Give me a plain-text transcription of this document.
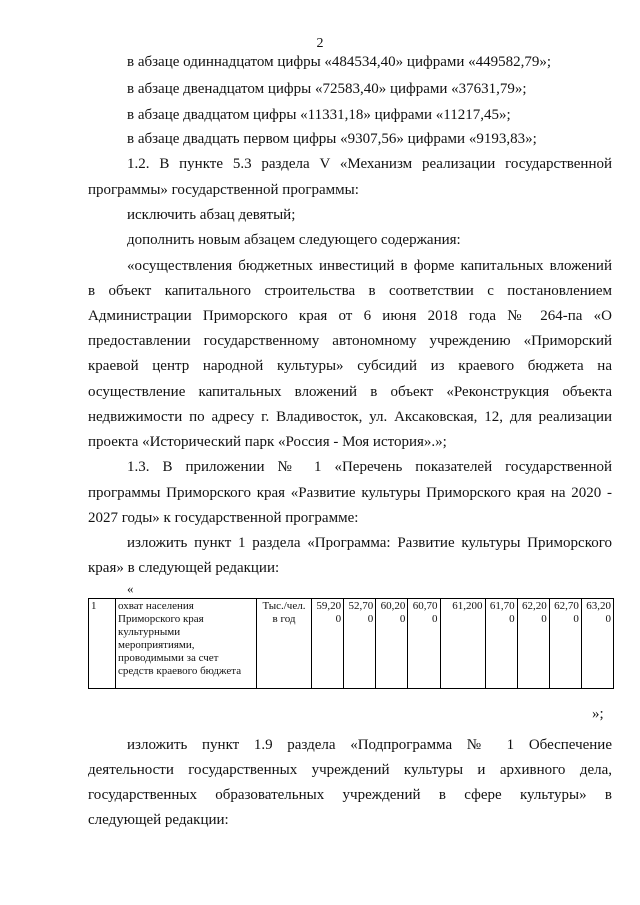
2
в абзаце одиннадцатом цифры «484534,40» цифрами «449582,79»;
в абзаце двенадцатом цифры «72583,40» цифрами «37631,79»;
в абзаце двадцатом цифры «11331,18» цифрами «11217,45»;
в абзаце двадцать первом цифры «9307,56» цифрами «9193,83»;
1.2. В пункте 5.3 раздела V «Механизм реализации государственной
программы» государственной программы:
исключить абзац девятый;
дополнить новым абзацем следующего содержания:
«осуществления бюджетных инвестиций в форме капитальных вложений
в объект капитального строительства в соответствии с постановлением
Администрации Приморского края от 6 июня 2018 года № 264-па «О
предоставлении государственному автономному учреждению «Приморский
краевой центр народной культуры» субсидий из краевого бюджета на
осуществление капитальных вложений в объект «Реконструкция объекта
недвижимости по адресу г. Владивосток, ул. Аксаковская, 12, для реализации
проекта «Исторический парк «Россия - Моя история».»;
1.3. В приложении № 1 «Перечень показателей государственной
программы Приморского края «Развитие культуры Приморского края на 2020 -
2027 годы» к государственной программе:
изложить пункт 1 раздела «Программа: Развитие культуры Приморского
края» в следующей редакции:
«
1	охват населения Приморского края культурными мероприятиями, проводимыми за счет средств краевого бюджета	Тыс./чел. в год	59,200	52,700	60,200	60,700	61,200	61,700	62,200	62,700	63,200
»;
изложить пункт 1.9 раздела «Подпрограмма № 1 Обеспечение
деятельности государственных учреждений культуры и архивного дела,
государственных образовательных учреждений в сфере культуры» в
следующей редакции:
